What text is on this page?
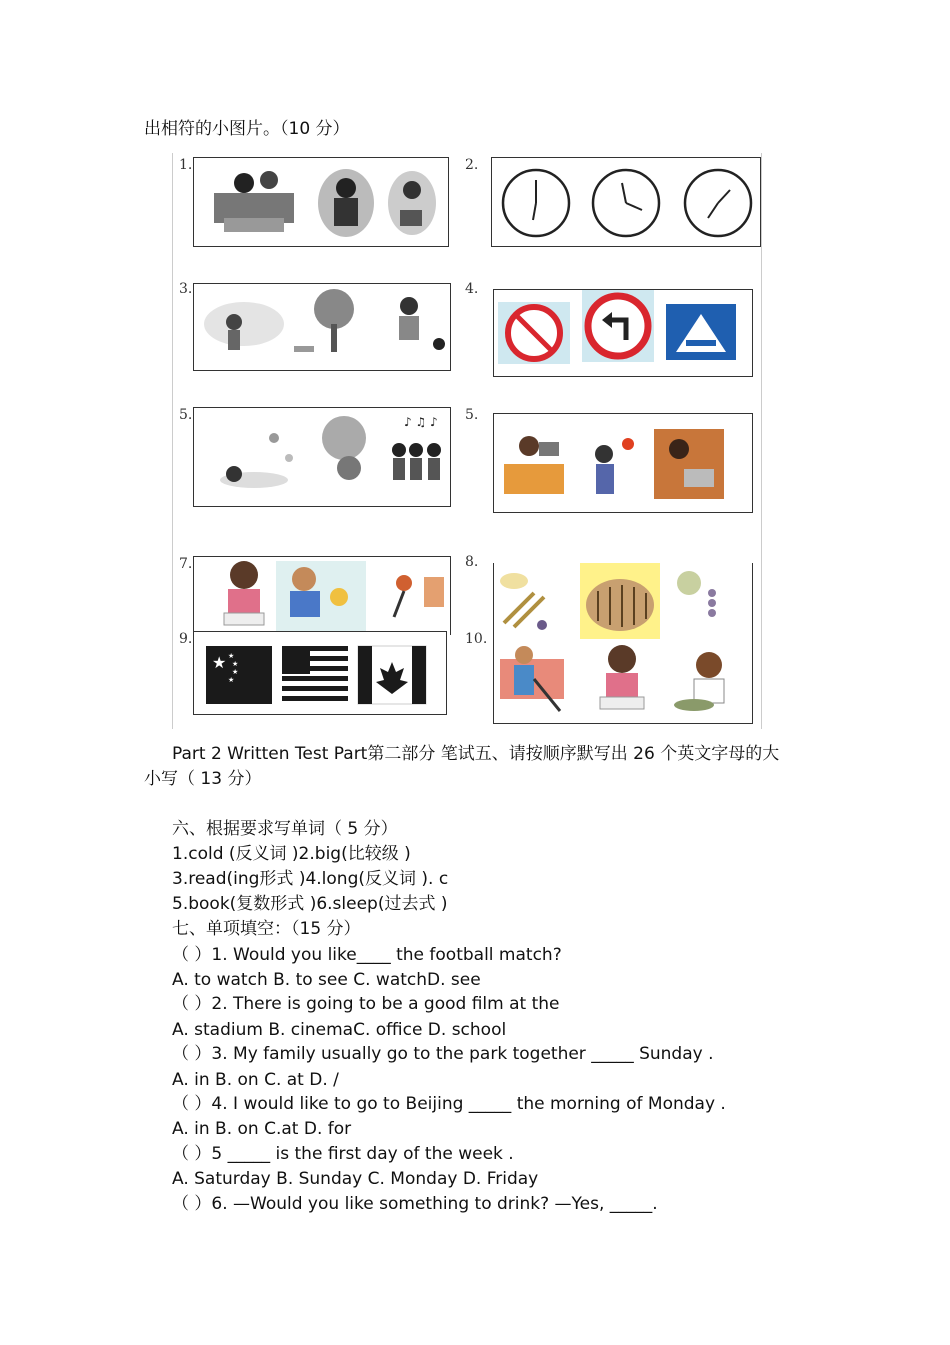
出相符的小图片。（10 分）
1.	2.
3.	4.
5.	♪ ♫ ♪ 5.
7.	8.
9.
★ ★
★
★
★
10.
Part 2 Written Test Part第二部分 笔试五、请按顺序默写出 26 个英文字母的大
小写（ 13 分）
六、根据要求写单词（ 5 分）
1.cold (反义词 )2.big(比较级 )
3.read(ing形式 )4.long(反义词 ). c
5.book(复数形式 )6.sleep(过去式 )
七、单项填空：（15 分）
（ ）1. Would you like____ the football match?
A. to watch B. to see C. watchD. see
（ ）2. There is going to be a good film at the
A. stadium B. cinemaC. office D. school
（ ）3. My family usually go to the park together _____ Sunday .
A. in B. on C. at D. /
（ ）4. I would like to go to Beijing _____ the morning of Monday .
A. in B. on C.at D. for
（ ）5 _____ is the first day of the week .
A. Saturday B. Sunday C. Monday D. Friday
（ ）6. —Would you like something to drink? —Yes, _____.
